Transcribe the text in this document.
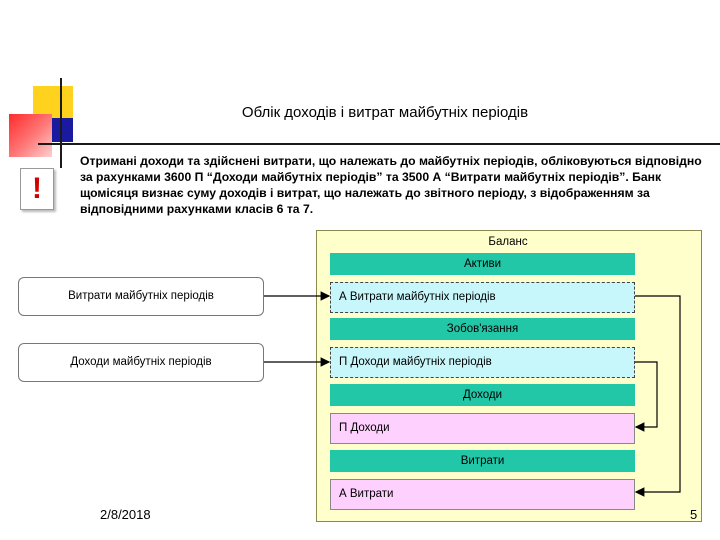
Облік доходів і витрат майбутніх періодів
!
Отримані доходи та здійснені витрати, що належать до майбутніх періодів, обліковуються відповідно за рахунками 3600 П “Доходи майбутніх періодів” та 3500 А “Витрати майбутніх періодів”. Банк щомісяця визнає суму доходів і витрат, що належать до звітного періоду, з відображенням за відповідними рахунками класів 6 та 7.
Баланс
Активи
А Витрати майбутніх періодів
Зобов'язання
П Доходи майбутніх періодів
Доходи
П Доходи
Витрати
А Витрати
Витрати майбутніх періодів
Доходи майбутніх періодів
2/8/2018	5
